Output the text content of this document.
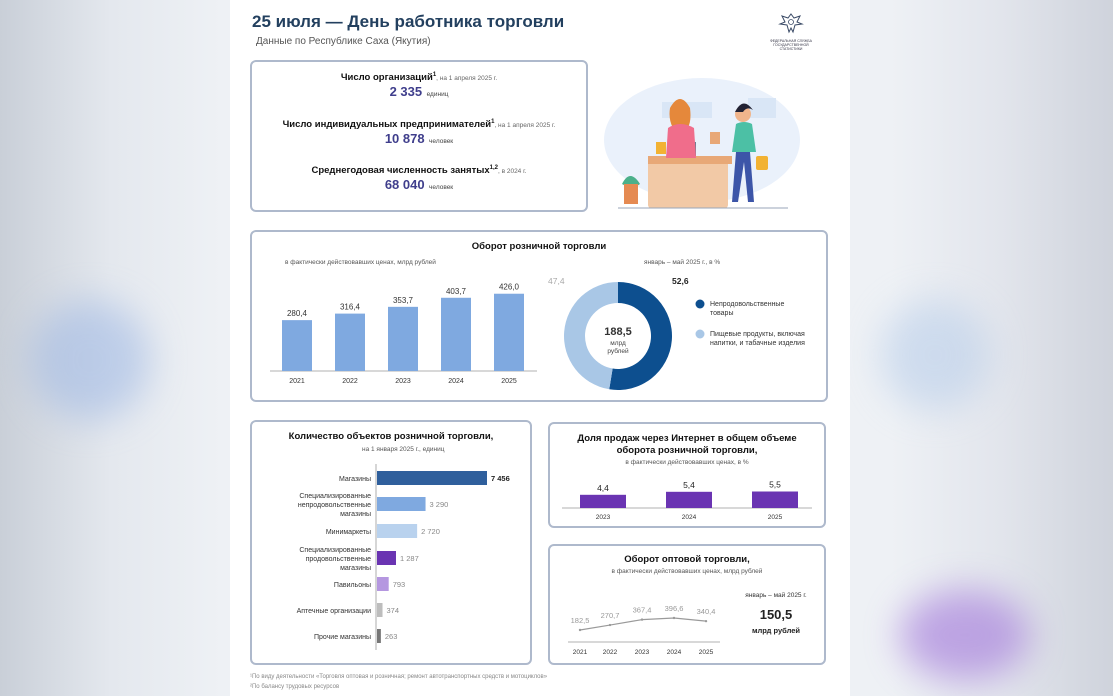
25 июля — День работника торговли
Данные по Республике Саха (Якутия)	ФЕДЕРАЛЬНАЯ СЛУЖБА
ГОСУДАРСТВЕННОЙ
СТАТИСТИКИ
Число организаций$^1$, на 1 апреля 2025 г.
2 335 единиц
Число индивидуальных предпринимателей$^1$, на 1 апреля 2025 г.
10 878 человек
Среднегодовая численность занятых$^{1,2}$, в 2024 г.
68 040 человек
Оборот розничной торговли
в фактически действовавших ценах, млрд рублей
280,4
2021
316,4
2022
353,7
2023
403,7
2024
426,0
2025
январь – май 2025 г., в %
52,6
47,4
188,5
млрд
рублей
Непродовольственные
товары
Пищевые продукты, включая
напитки, и табачные изделия
Количество объектов розничной торговли,
на 1 января 2025 г., единиц
7 456
Магазины
3 290
Специализированные
непродовольственные
магазины
2 720
Минимаркеты
1 287
Специализированные
продовольственные
магазины
793
Павильоны
374
Аптечные организации
263
Прочие магазины
Доля продаж через Интернет в общем объеме
оборота розничной торговли,
в фактически действовавших ценах, в %
4,4
2023
5,4
2024
5,5
2025
Оборот оптовой торговли,
в фактически действовавших ценах, млрд рублей
182,5
2021
270,7
2022
367,4
2023
396,6
2024
340,4
2025
январь – май 2025 г.
150,5
млрд рублей
¹По виду деятельности «Торговля оптовая и розничная; ремонт автотранспортных средств и мотоциклов»
²По балансу трудовых ресурсов
